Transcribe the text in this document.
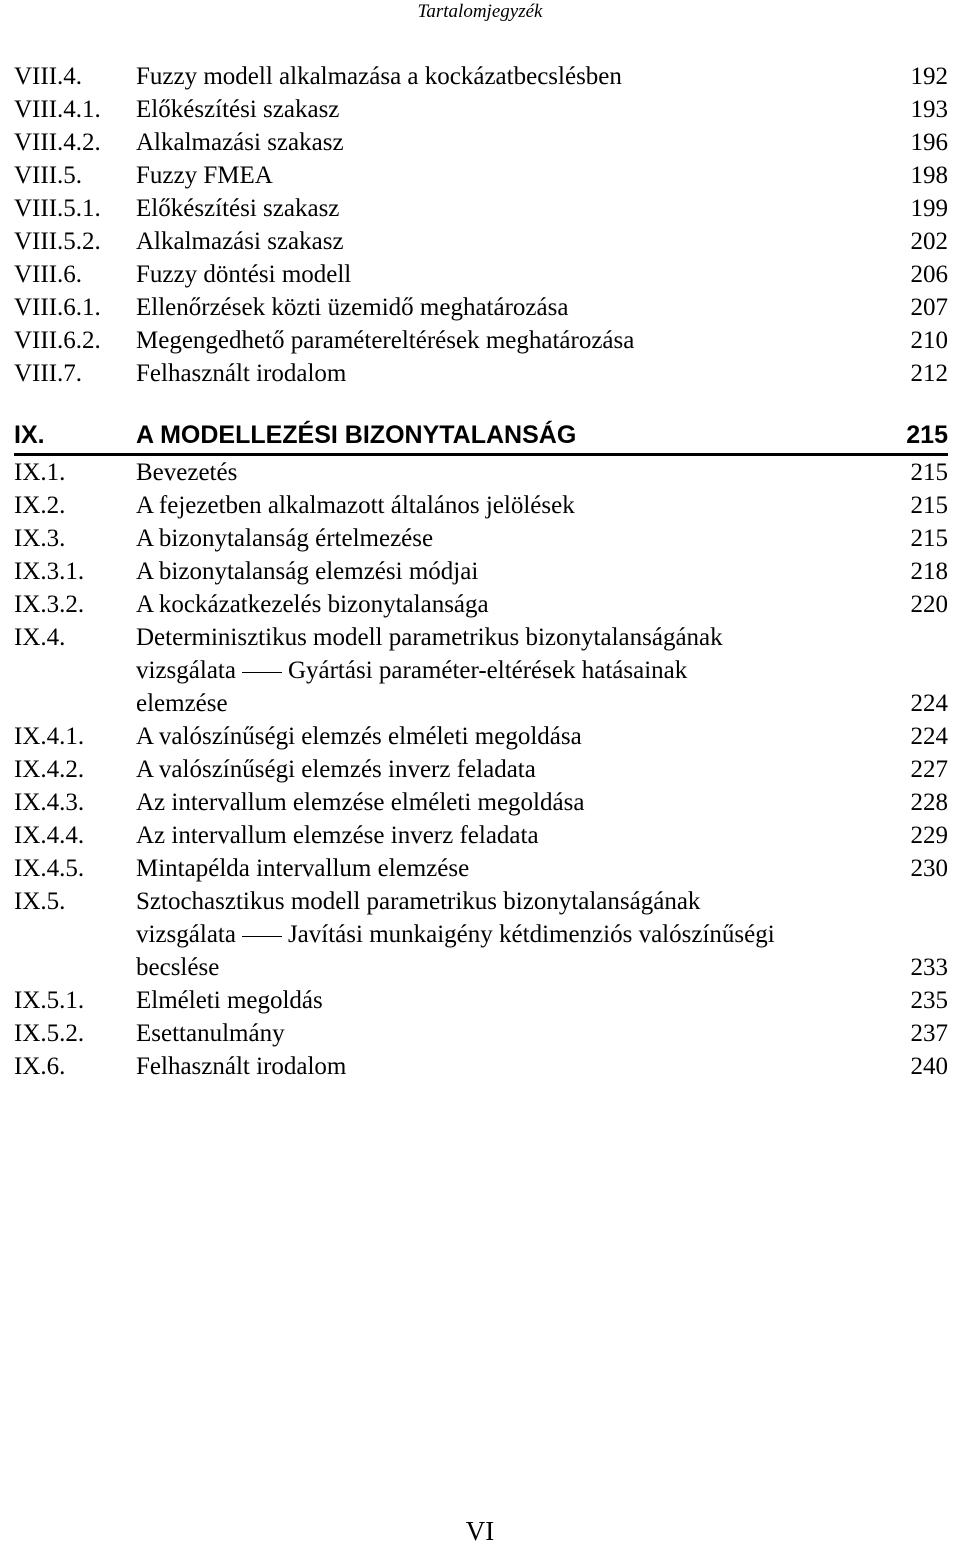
Tartalomjegyzék
VIII.4. Fuzzy modell alkalmazása a kockázatbecslésben	192
VIII.4.1. Előkészítési szakasz	193
VIII.4.2. Alkalmazási szakasz	196
VIII.5. Fuzzy FMEA	198
VIII.5.1. Előkészítési szakasz	199
VIII.5.2. Alkalmazási szakasz	202
VIII.6. Fuzzy döntési modell	206
VIII.6.1. Ellenőrzések közti üzemidő meghatározása	207
VIII.6.2. Megengedhető paramétereltérések meghatározása	210
VIII.7. Felhasznált irodalom	212
IX.	A MODELLEZÉSI BIZONYTALANSÁG	215
IX.1.	Bevezetés	215
IX.2.	A fejezetben alkalmazott általános jelölések	215
IX.3.	A bizonytalanság értelmezése	215
IX.3.1. A bizonytalanság elemzési módjai	218
IX.3.2. A kockázatkezelés bizonytalansága	220
IX.4.	Determinisztikus modell parametrikus bizonytalanságának
vizsgálata Gyártási paraméter-eltérések hatásainak
elemzése	224
IX.4.1. A valószínűségi elemzés elméleti megoldása	224
IX.4.2. A valószínűségi elemzés inverz feladata	227
IX.4.3. Az intervallum elemzése elméleti megoldása	228
IX.4.4. Az intervallum elemzése inverz feladata	229
IX.4.5. Mintapélda intervallum elemzése	230
IX.5.	Sztochasztikus modell parametrikus bizonytalanságának
vizsgálata Javítási munkaigény kétdimenziós valószínűségi
becslése	233
IX.5.1. Elméleti megoldás	235
IX.5.2. Esettanulmány	237
IX.6.	Felhasznált irodalom	240
VI
